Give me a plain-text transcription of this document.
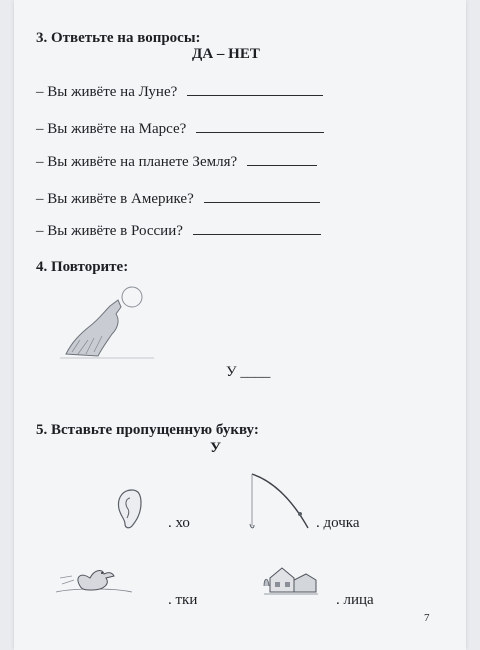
3. Ответьте на вопросы:
ДА – НЕТ
– Вы живёте на Луне?
– Вы живёте на Марсе?
– Вы живёте на планете Земля?
– Вы живёте в Америке?
– Вы живёте в России?
4. Повторите:
У ____
5. Вставьте пропущенную букву:
У
. хо	. дочка
. тки	. лица
7
